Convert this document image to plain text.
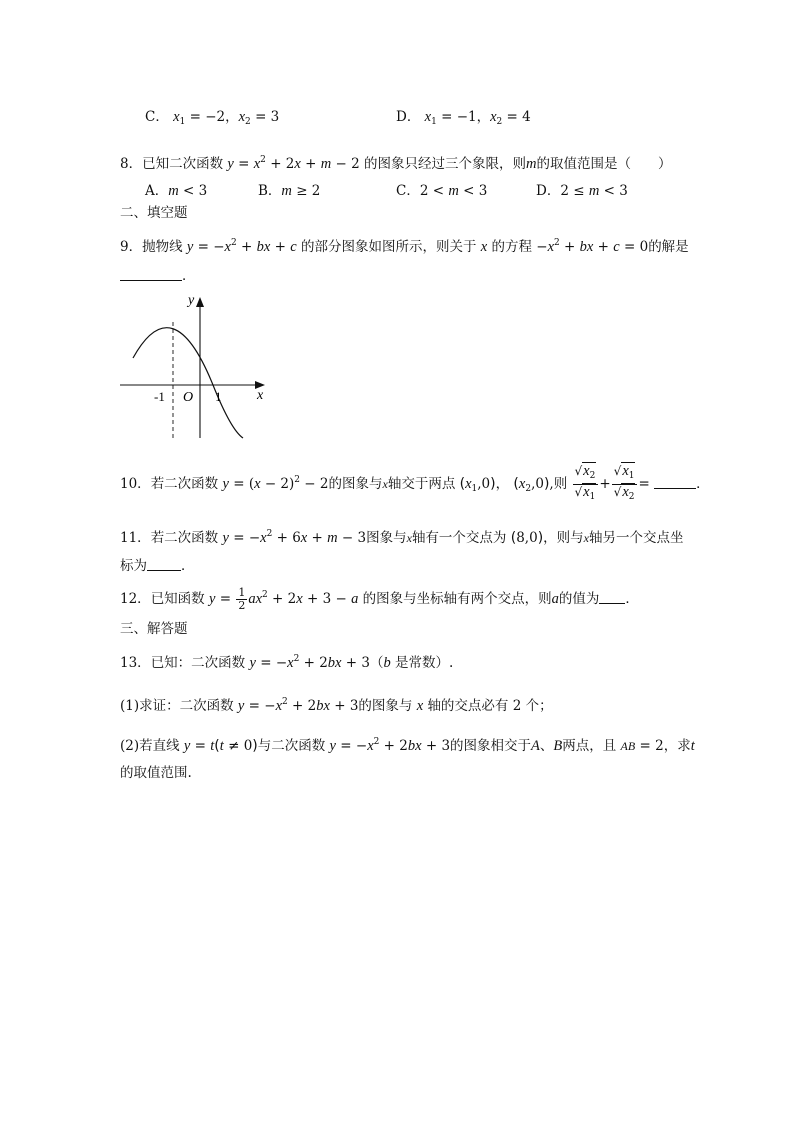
C． $x_1 = -2$，$x_2 = 3$	D． $x_1 = -1$，$x_2 = 4$
8．已知二次函数 $y = x^2 + 2x + m - 2$ 的图象只经过三个象限，则m的取值范围是（　　）
A．m < 3	B．m ≥ 2	C．2 < m < 3	D．2 ≤ m < 3
二、填空题
9．抛物线 $y = -x^2$ + bx + c 的部分图象如图所示，则关于 x 的方程 $-x^2$ + bx + c = 0的解是
．
y
x
O
-1	1
10．若二次函数 $y = (x - 2)^2 - 2$的图象与x轴交于两点 $(x_1,0)$， $(x_2,0)$,则 $\frac{√x_2}{√x_1} + \frac{√x_1}{√x_2}$ =	．
11．若二次函数 $y = -x^2 + 6x + m - 3$图象与x轴有一个交点为 (8,0)，则与x轴另一个交点坐
标为	．
12．已知函数 $y = \frac{1}{2} ax^2 + 2x + 3 - a$ 的图象与坐标轴有两个交点，则a的值为 ．
三、解答题
13．已知：二次函数 $y = -x^2 + 2bx + 3(b$ 是常数）.
(1)求证：二次函数 $y = -x^2 + 2bx + 3$的图象与 x 轴的交点必有 2 个；
(2)若直线 y = t(t ≠ 0)与二次函数 $y = -x^2 + 2bx + 3$的图象相交于A、B两点，且 AB = 2，求t
的取值范围.
